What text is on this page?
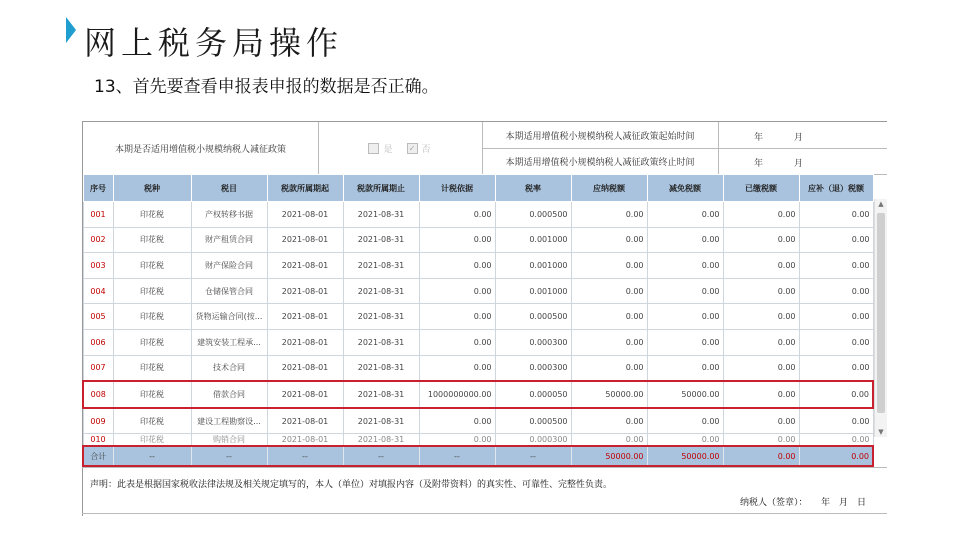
网上税务局操作
13、首先要查看申报表申报的数据是否正确。
本期是否适用增值税小规模纳税人减征政策	是 ✓ 否
本期适用增值税小规模纳税人减征政策起始时间	年	月
本期适用增值税小规模纳税人减征政策终止时间	年	月
序号	税种	税目	税款所属期起	税款所属期止	计税依据	税率	应纳税额	减免税额	已缴税额	应补（退）税额
001	印花税	产权转移书据	2021-08-01	2021-08-31	0.00	0.000500	0.00	0.00	0.00	0.00
002	印花税	财产租赁合同	2021-08-01	2021-08-31	0.00	0.001000	0.00	0.00	0.00	0.00
003	印花税	财产保险合同	2021-08-01	2021-08-31	0.00	0.001000	0.00	0.00	0.00	0.00
004	印花税	仓储保管合同	2021-08-01	2021-08-31	0.00	0.001000	0.00	0.00	0.00	0.00
005	印花税	货物运输合同(按...	2021-08-01	2021-08-31	0.00	0.000500	0.00	0.00	0.00	0.00
006	印花税	建筑安装工程承...	2021-08-01	2021-08-31	0.00	0.000300	0.00	0.00	0.00	0.00
007	印花税	技术合同	2021-08-01	2021-08-31	0.00	0.000300	0.00	0.00	0.00	0.00
008	印花税	借款合同	2021-08-01	2021-08-31	1000000000.00	0.000050	50000.00	50000.00	0.00	0.00
009	印花税	建设工程勘察设...	2021-08-01	2021-08-31	0.00	0.000500	0.00	0.00	0.00	0.00
010	印花税	购销合同	2021-08-01	2021-08-31	0.00	0.000300	0.00	0.00	0.00	0.00
合计	--	--	--	--	--	--	50000.00	50000.00	0.00	0.00
▲
▼
声明：此表是根据国家税收法律法规及相关规定填写的，本人（单位）对填报内容（及附带资料）的真实性、可靠性、完整性负责。
纳税人（签章）：　　年　月　日
